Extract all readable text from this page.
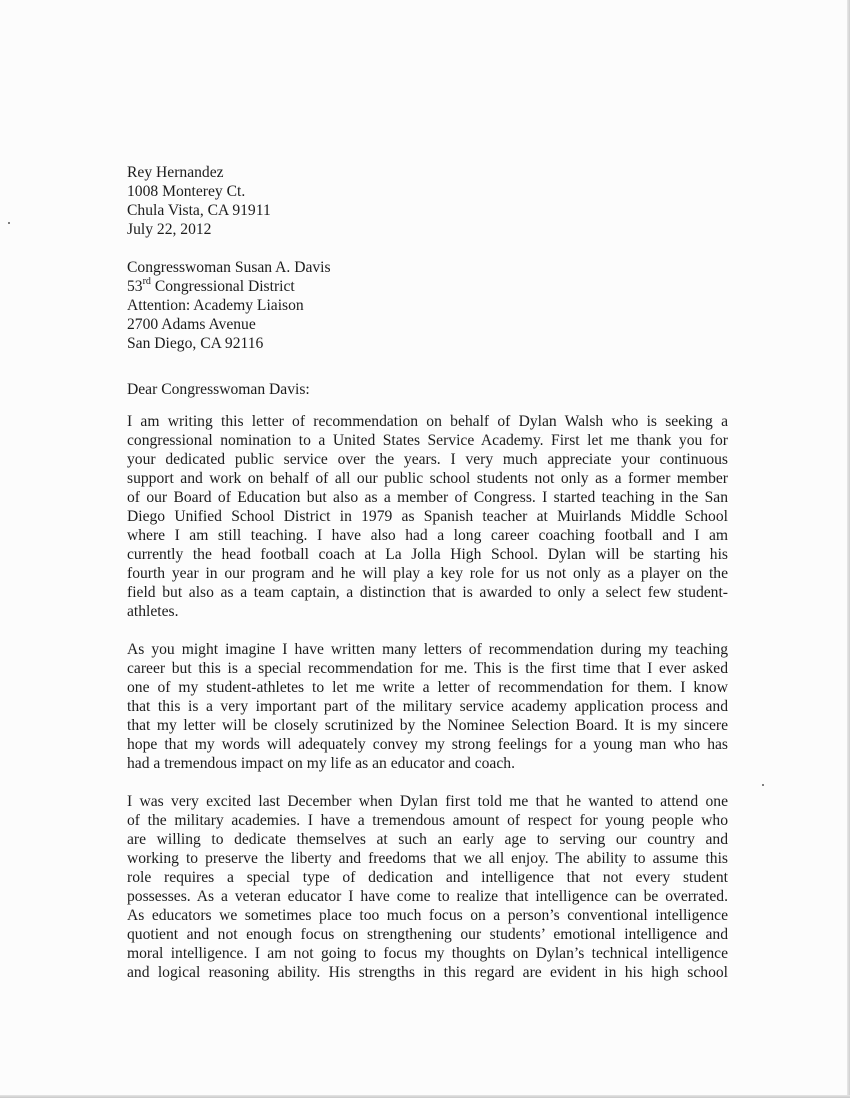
Rey Hernandez
1008 Monterey Ct.
Chula Vista, CA 91911
July 22, 2012
Congresswoman Susan A. Davis
53rd Congressional District
Attention: Academy Liaison
2700 Adams Avenue
San Diego, CA 92116
Dear Congresswoman Davis:
I am writing this letter of recommendation on behalf of Dylan Walsh who is seeking a
congressional nomination to a United States Service Academy. First let me thank you for
your dedicated public service over the years. I very much appreciate your continuous
support and work on behalf of all our public school students not only as a former member
of our Board of Education but also as a member of Congress. I started teaching in the San
Diego Unified School District in 1979 as Spanish teacher at Muirlands Middle School
where I am still teaching. I have also had a long career coaching football and I am
currently the head football coach at La Jolla High School. Dylan will be starting his
fourth year in our program and he will play a key role for us not only as a player on the
field but also as a team captain, a distinction that is awarded to only a select few student-
athletes.
As you might imagine I have written many letters of recommendation during my teaching
career but this is a special recommendation for me. This is the first time that I ever asked
one of my student-athletes to let me write a letter of recommendation for them. I know
that this is a very important part of the military service academy application process and
that my letter will be closely scrutinized by the Nominee Selection Board. It is my sincere
hope that my words will adequately convey my strong feelings for a young man who has
had a tremendous impact on my life as an educator and coach.
I was very excited last December when Dylan first told me that he wanted to attend one
of the military academies. I have a tremendous amount of respect for young people who
are willing to dedicate themselves at such an early age to serving our country and
working to preserve the liberty and freedoms that we all enjoy. The ability to assume this
role requires a special type of dedication and intelligence that not every student
possesses. As a veteran educator I have come to realize that intelligence can be overrated.
As educators we sometimes place too much focus on a person’s conventional intelligence
quotient and not enough focus on strengthening our students’ emotional intelligence and
moral intelligence. I am not going to focus my thoughts on Dylan’s technical intelligence
and logical reasoning ability. His strengths in this regard are evident in his high school
